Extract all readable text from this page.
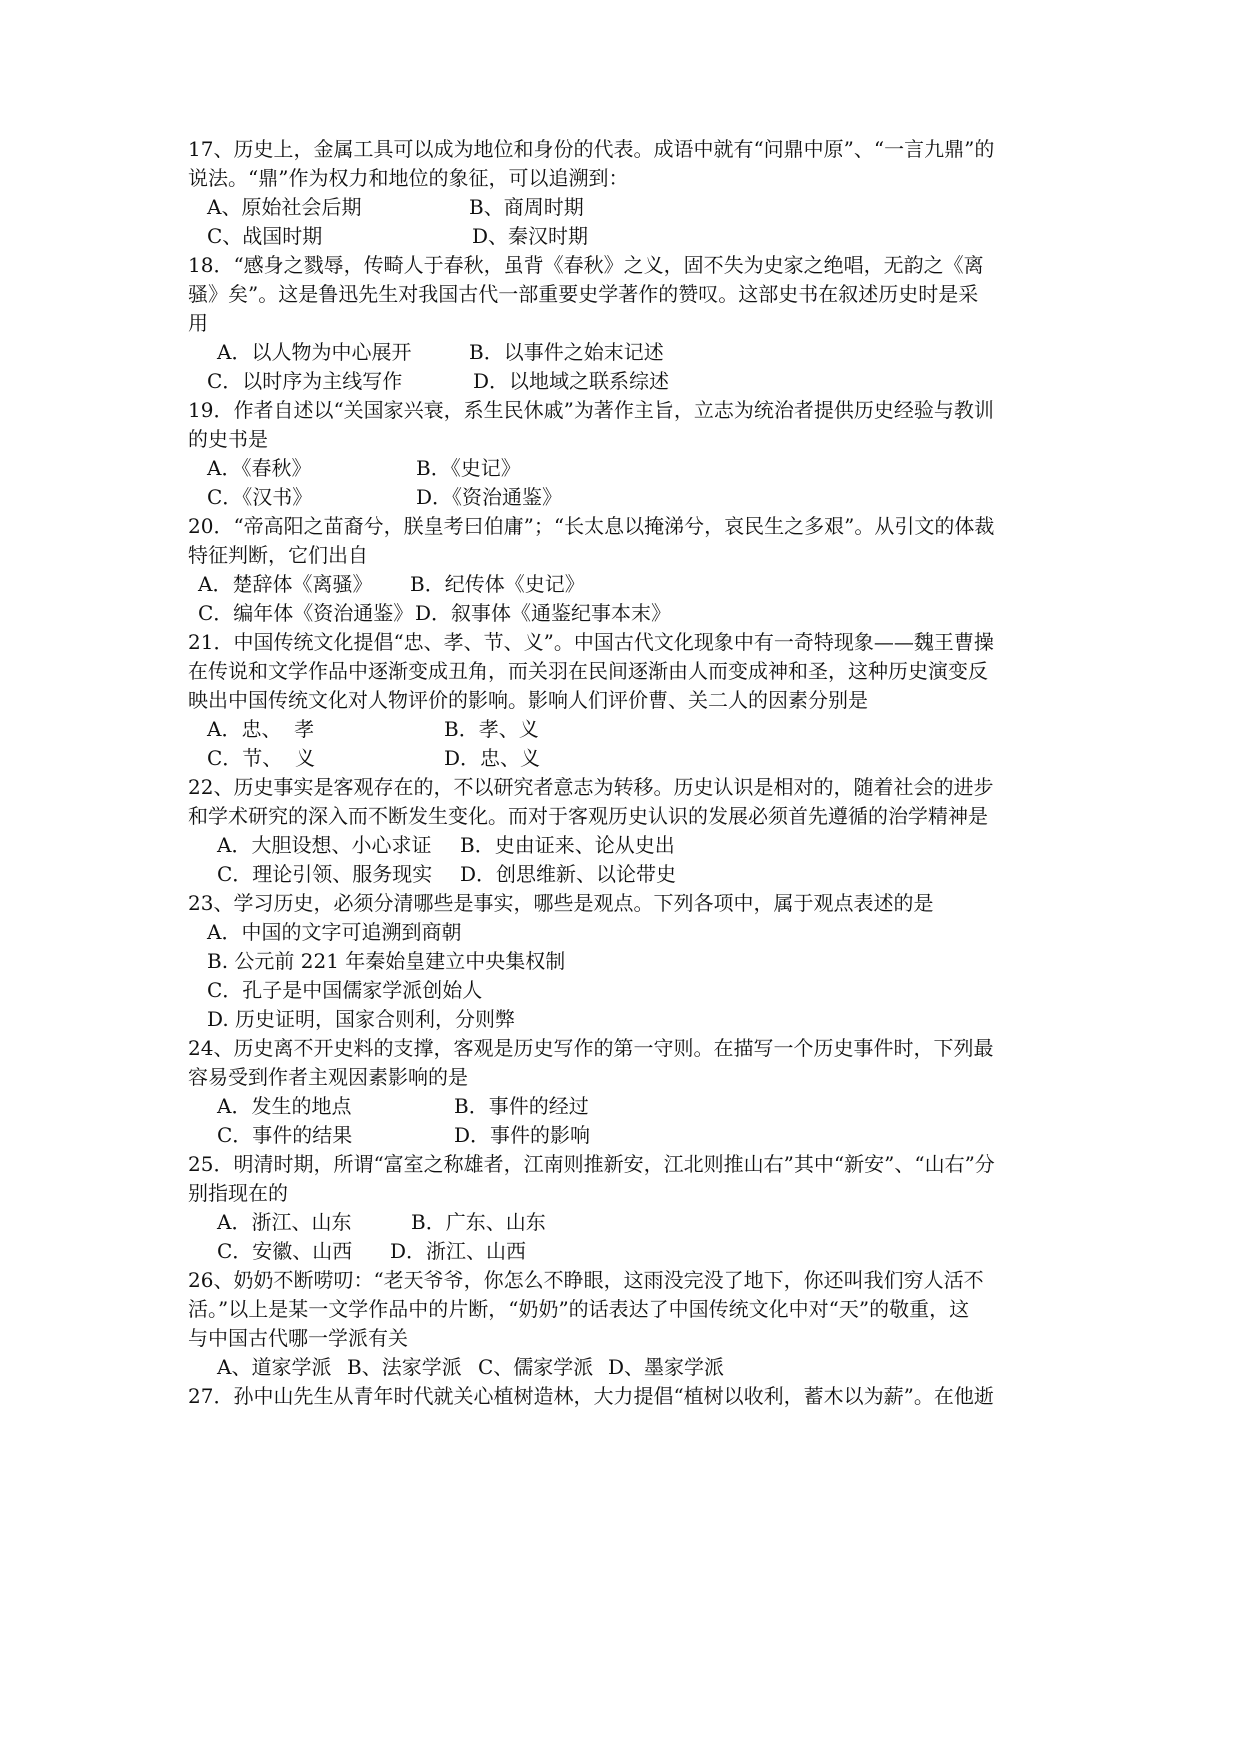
17、历史上，金属工具可以成为地位和身份的代表。成语中就有“问鼎中原”、“一言九鼎”的
说法。“鼎”作为权力和地位的象征，可以追溯到：
A、原始社会后期	B、商周时期
C、战国时期	D、秦汉时期
18．“感身之戮辱，传畸人于春秋，虽背《春秋》之义，固不失为史家之绝唱，无韵之《离
骚》矣”。这是鲁迅先生对我国古代一部重要史学著作的赞叹。这部史书在叙述历史时是采
用
A．以人物为中心展开	B．以事件之始末记述
C．以时序为主线写作	D．以地域之联系综述
19．作者自述以“关国家兴衰，系生民休戚”为著作主旨，立志为统治者提供历史经验与教训
的史书是
A．《春秋》	B．《史记》
C．《汉书》	D．《资治通鉴》
20．“帝高阳之苗裔兮，朕皇考曰伯庸”；“长太息以掩涕兮，哀民生之多艰”。从引文的体裁
特征判断，它们出自
A．楚辞体《离骚》 B．纪传体《史记》
C．编年体《资治通鉴》 D．叙事体《通鉴纪事本末》
21．中国传统文化提倡“忠、孝、节、义”。中国古代文化现象中有一奇特现象——魏王曹操
在传说和文学作品中逐渐变成丑角，而关羽在民间逐渐由人而变成神和圣，这种历史演变反
映出中国传统文化对人物评价的影响。影响人们评价曹、关二人的因素分别是
A．忠、  孝	B．孝、义
C．节、  义	D．忠、义
22、历史事实是客观存在的，不以研究者意志为转移。历史认识是相对的，随着社会的进步
和学术研究的深入而不断发生变化。而对于客观历史认识的发展必须首先遵循的治学精神是
A．大胆设想、小心求证 B．史由证来、论从史出
C．理论引领、服务现实 D．创思维新、以论带史
23、学习历史，必须分清哪些是事实，哪些是观点。下列各项中，属于观点表述的是
A．中国的文字可追溯到商朝
B. 公元前 221 年秦始皇建立中央集权制
C．孔子是中国儒家学派创始人
D. 历史证明，国家合则利，分则弊
24、历史离不开史料的支撑，客观是历史写作的第一守则。在描写一个历史事件时，下列最
容易受到作者主观因素影响的是
A．发生的地点	B．事件的经过
C．事件的结果	D．事件的影响
25．明清时期，所谓“富室之称雄者，江南则推新安，江北则推山右”其中“新安”、“山右”分
别指现在的
A．浙江、山东	B．广东、山东
C．安徽、山西 D．浙江、山西
26、奶奶不断唠叨：“老天爷爷，你怎么不睁眼，这雨没完没了地下，你还叫我们穷人活不
活。”以上是某一文学作品中的片断，“奶奶”的话表达了中国传统文化中对“天”的敬重，这
与中国古代哪一学派有关
A、道家学派 B、法家学派 C、儒家学派 D、墨家学派
27．孙中山先生从青年时代就关心植树造林，大力提倡“植树以收利，蓄木以为薪”。在他逝
